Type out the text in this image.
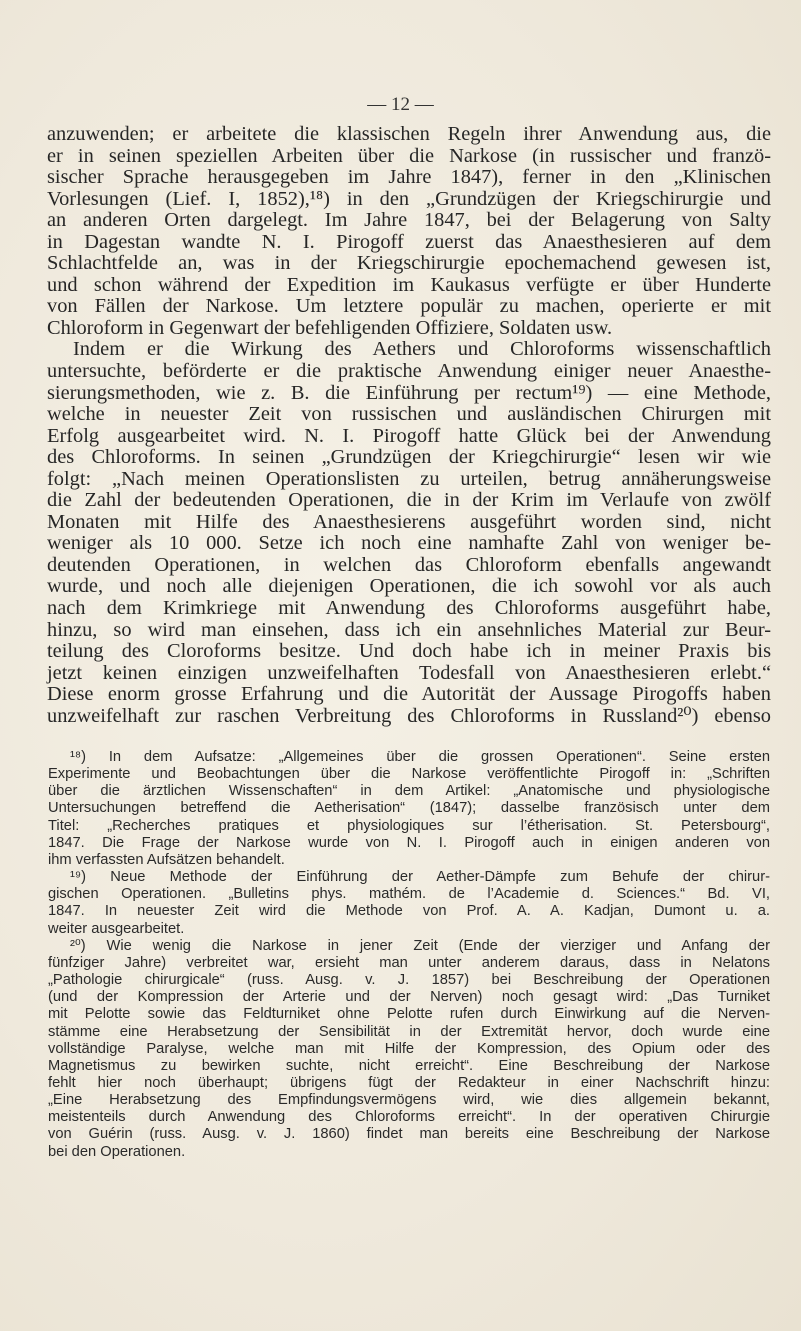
— 12 —

anzuwenden; er arbeitete die klassischen Regeln ihrer Anwendung aus, die

er in seinen speziellen Arbeiten über die Narkose (in russischer und franzö-

sischer Sprache herausgegeben im Jahre 1847), ferner in den „Klinischen

Vorlesungen (Lief. I, 1852),¹⁸) in den „Grundzügen der Kriegschirurgie und

an anderen Orten dargelegt. Im Jahre 1847, bei der Belagerung von Salty

in Dagestan wandte N. I. Pirogoff zuerst das Anaesthesieren auf dem

Schlachtfelde an, was in der Kriegschirurgie epochemachend gewesen ist,

und schon während der Expedition im Kaukasus verfügte er über Hunderte

von Fällen der Narkose. Um letztere populär zu machen, operierte er mit

Chloroform in Gegenwart der befehligenden Offiziere, Soldaten usw.

Indem er die Wirkung des Aethers und Chloroforms wissenschaftlich

untersuchte, beförderte er die praktische Anwendung einiger neuer Anaesthe-

sierungsmethoden, wie z. B. die Einführung per rectum¹⁹) — eine Methode,

welche in neuester Zeit von russischen und ausländischen Chirurgen mit

Erfolg ausgearbeitet wird. N. I. Pirogoff hatte Glück bei der Anwendung

des Chloroforms. In seinen „Grundzügen der Kriegchirurgie“ lesen wir wie

folgt: „Nach meinen Operationslisten zu urteilen, betrug annäherungsweise

die Zahl der bedeutenden Operationen, die in der Krim im Verlaufe von zwölf

Monaten mit Hilfe des Anaesthesierens ausgeführt worden sind, nicht

weniger als 10 000. Setze ich noch eine namhafte Zahl von weniger be-

deutenden Operationen, in welchen das Chloroform ebenfalls angewandt

wurde, und noch alle diejenigen Operationen, die ich sowohl vor als auch

nach dem Krimkriege mit Anwendung des Chloroforms ausgeführt habe,

hinzu, so wird man einsehen, dass ich ein ansehnliches Material zur Beur-

teilung des Cloroforms besitze. Und doch habe ich in meiner Praxis bis

jetzt keinen einzigen unzweifelhaften Todesfall von Anaesthesieren erlebt.“

Diese enorm grosse Erfahrung und die Autorität der Aussage Pirogoffs haben

unzweifelhaft zur raschen Verbreitung des Chloroforms in Russland²⁰) ebenso

¹⁸) In dem Aufsatze: „Allgemeines über die grossen Operationen“. Seine ersten

Experimente und Beobachtungen über die Narkose veröffentlichte Pirogoff in: „Schriften

über die ärztlichen Wissenschaften“ in dem Artikel: „Anatomische und physiologische

Untersuchungen betreffend die Aetherisation“ (1847); dasselbe französisch unter dem

Titel: „Recherches pratiques et physiologiques sur l’étherisation. St. Petersbourg“,

1847. Die Frage der Narkose wurde von N. I. Pirogoff auch in einigen anderen von

ihm verfassten Aufsätzen behandelt.

¹⁹) Neue Methode der Einführung der Aether-Dämpfe zum Behufe der chirur-

gischen Operationen. „Bulletins phys. mathém. de l’Academie d. Sciences.“ Bd. VI,

1847. In neuester Zeit wird die Methode von Prof. A. A. Kadjan, Dumont u. a.

weiter ausgearbeitet.

²⁰) Wie wenig die Narkose in jener Zeit (Ende der vierziger und Anfang der

fünfziger Jahre) verbreitet war, ersieht man unter anderem daraus, dass in Nelatons

„Pathologie chirurgicale“ (russ. Ausg. v. J. 1857) bei Beschreibung der Operationen

(und der Kompression der Arterie und der Nerven) noch gesagt wird: „Das Turniket

mit Pelotte sowie das Feldturniket ohne Pelotte rufen durch Einwirkung auf die Nerven-

stämme eine Herabsetzung der Sensibilität in der Extremität hervor, doch wurde eine

vollständige Paralyse, welche man mit Hilfe der Kompression, des Opium oder des

Magnetismus zu bewirken suchte, nicht erreicht“. Eine Beschreibung der Narkose

fehlt hier noch überhaupt; übrigens fügt der Redakteur in einer Nachschrift hinzu:

„Eine Herabsetzung des Empfindungsvermögens wird, wie dies allgemein bekannt,

meistenteils durch Anwendung des Chloroforms erreicht“. In der operativen Chirurgie

von Guérin (russ. Ausg. v. J. 1860) findet man bereits eine Beschreibung der Narkose

bei den Operationen.
